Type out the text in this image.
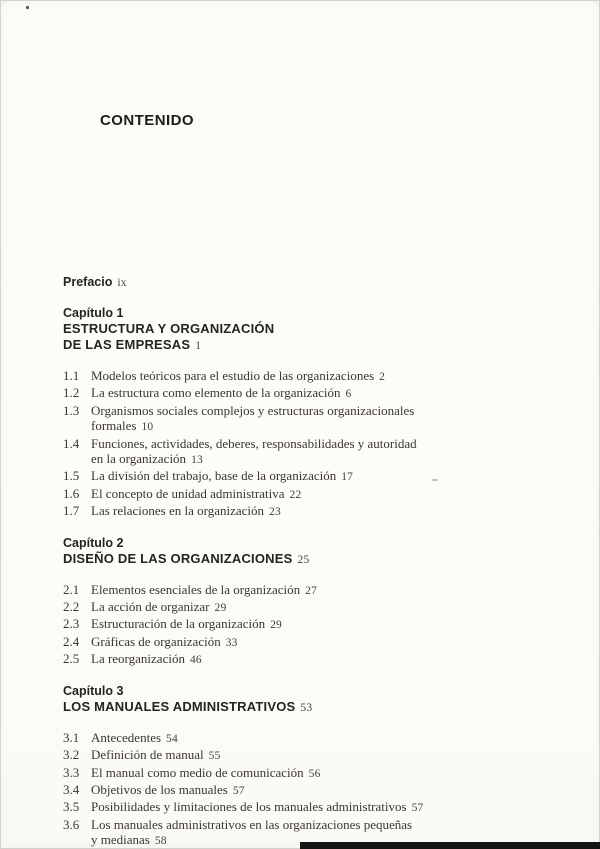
CONTENIDO
Prefacio ix
Capítulo 1
ESTRUCTURA Y ORGANIZACIÓN
DE LAS EMPRESAS 1
1.1 Modelos teóricos para el estudio de las organizaciones 2
1.2 La estructura como elemento de la organización 6
1.3 Organismos sociales complejos y estructuras organizacionales
formales 10
1.4 Funciones, actividades, deberes, responsabilidades y autoridad
en la organización 13
1.5 La división del trabajo, base de la organización 17
1.6 El concepto de unidad administrativa 22
1.7 Las relaciones en la organización 23
Capítulo 2
DISEÑO DE LAS ORGANIZACIONES 25
2.1 Elementos esenciales de la organización 27
2.2 La acción de organizar 29
2.3 Estructuración de la organización 29
2.4 Gráficas de organización 33
2.5 La reorganización 46
Capítulo 3
LOS MANUALES ADMINISTRATIVOS 53
3.1 Antecedentes 54
3.2 Definición de manual 55
3.3 El manual como medio de comunicación 56
3.4 Objetivos de los manuales 57
3.5 Posibilidades y limitaciones de los manuales administrativos 57
3.6 Los manuales administrativos en las organizaciones pequeñas
y medianas 58
